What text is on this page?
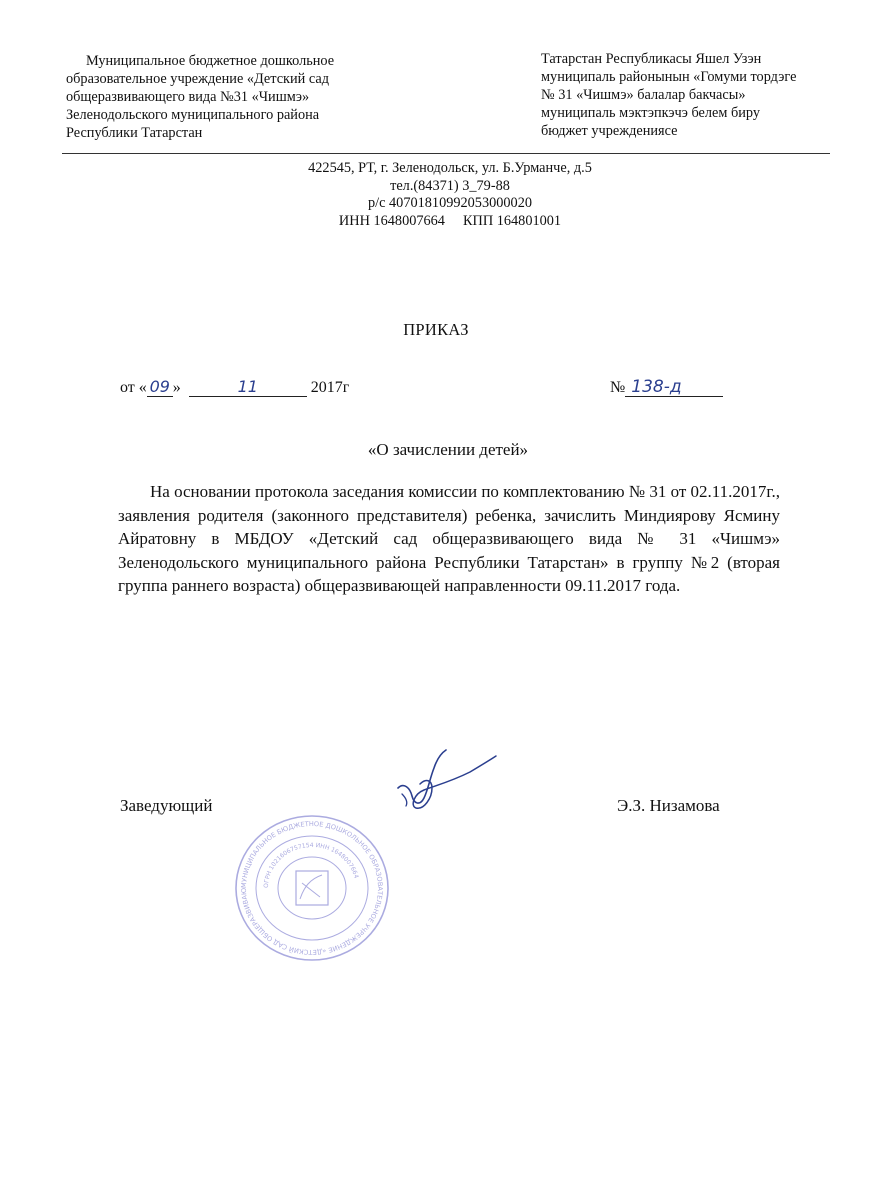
Муниципальное бюджетное дошкольное
образовательное учреждение «Детский сад
общеразвивающего вида №31 «Чишмэ»
Зеленодольского муниципального района
Республики Татарстан
Татарстан Республикасы Яшел Узэн
муниципаль районынын «Гомуми тордэге
№ 31 «Чишмэ» балалар бакчасы»
муниципаль мэктэпкэчэ белем биру
бюджет учреждениясе
422545, РТ, г. Зеленодольск, ул. Б.Урманче, д.5
тел.(84371) 3_79-88
р/с 40701810992053000020
ИНН 1648007664 КПП 164801001
ПРИКАЗ
от « 09 »	11	2017г	№ 138-д
«О зачислении детей»
На основании протокола заседания комиссии по комплектованию № 31 от 02.11.2017г., заявления родителя (законного представителя) ребенка, зачислить Миндиярову Ясмину Айратовну в МБДОУ «Детский сад общеразвивающего вида № 31 «Чишмэ» Зеленодольского муниципального района Республики Татарстан» в группу №2 (вторая группа раннего возраста) общеразвивающей направленности 09.11.2017 года.
МУНИЦИПАЛЬНОЕ БЮДЖЕТНОЕ ДОШКОЛЬНОЕ ОБРАЗОВАТЕЛЬНОЕ УЧРЕЖДЕНИЕ «ДЕТСКИЙ САД ОБЩЕРАЗВИВАЮ
ОГРН 1021606757154 ИНН 1648007664
Заведующий	Э.З. Низамова
